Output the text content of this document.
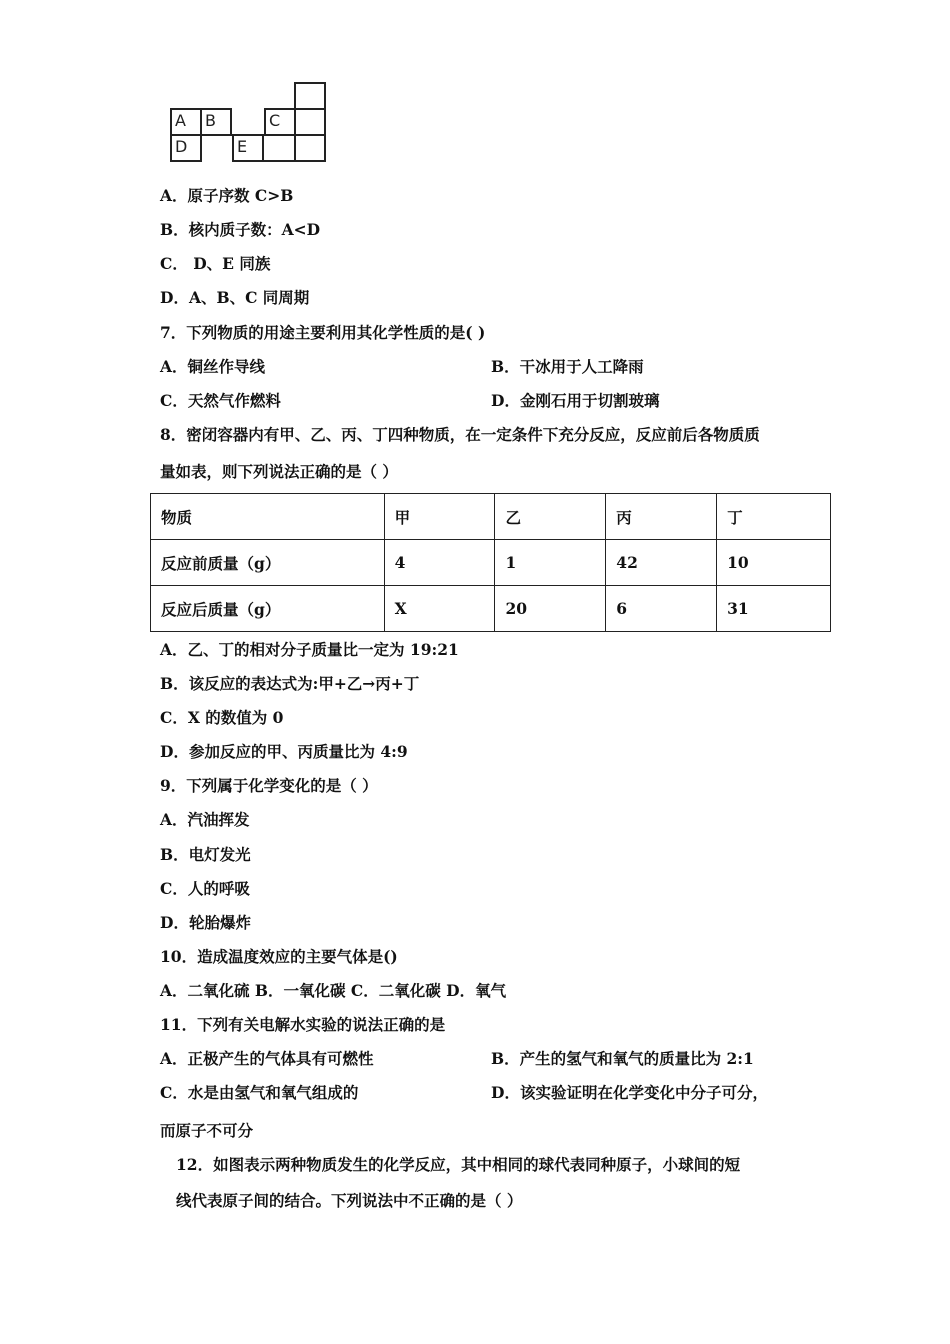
A	B	C
D	E
A．原子序数 C>B
B．核内质子数：A<D
C． D、E 同族
D．A、B、C 同周期
7．下列物质的用途主要利用其化学性质的是( )
A．铜丝作导线	B．干冰用于人工降雨
C．天然气作燃料	D．金刚石用于切割玻璃
8．密闭容器内有甲、乙、丙、丁四种物质，在一定条件下充分反应，反应前后各物质质
量如表，则下列说法正确的是（ ）
物质	甲	乙	丙	丁
反应前质量（g）	4	1	42	10
反应后质量（g）	X	20	6	31
A．乙、丁的相对分子质量比一定为 19:21
B．该反应的表达式为:甲+乙→丙+丁
C．X 的数值为 0
D．参加反应的甲、丙质量比为 4:9
9．下列属于化学变化的是（ ）
A．汽油挥发
B．电灯发光
C．人的呼吸
D．轮胎爆炸
10．造成温度效应的主要气体是()
A．二氧化硫 B．一氧化碳 C．二氧化碳 D．氧气
11．下列有关电解水实验的说法正确的是
A．正极产生的气体具有可燃性	B．产生的氢气和氧气的质量比为 2:1
C．水是由氢气和氧气组成的	D．该实验证明在化学变化中分子可分，
而原子不可分
12．如图表示两种物质发生的化学反应，其中相同的球代表同种原子，小球间的短
线代表原子间的结合。下列说法中不正确的是（ ）
